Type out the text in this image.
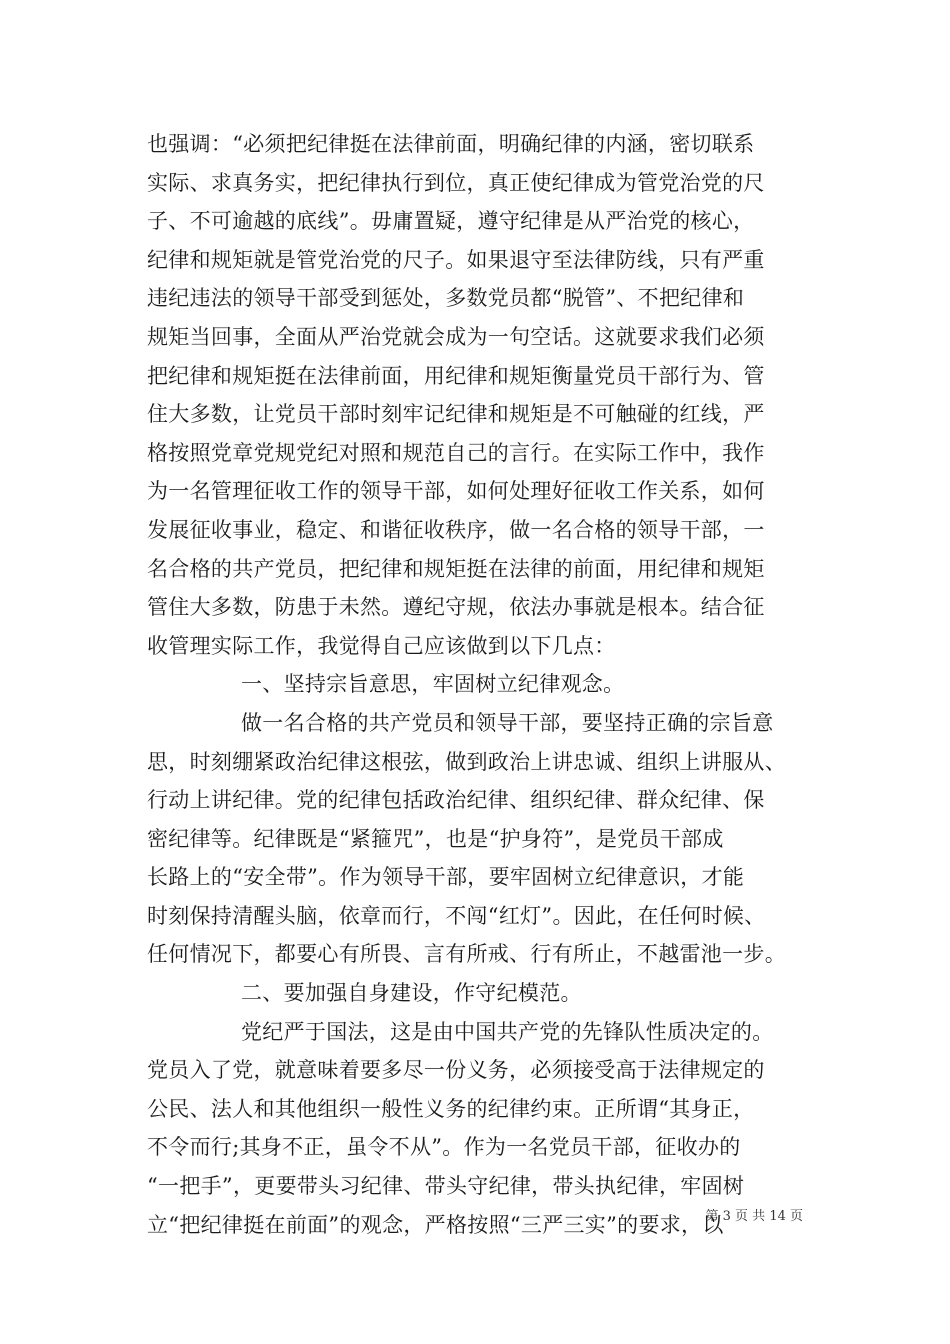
也强调：“必须把纪律挺在法律前面，明确纪律的内涵，密切联系
实际、求真务实，把纪律执行到位，真正使纪律成为管党治党的尺
子、不可逾越的底线”。毋庸置疑，遵守纪律是从严治党的核心，
纪律和规矩就是管党治党的尺子。如果退守至法律防线，只有严重
违纪违法的领导干部受到惩处，多数党员都“脱管”、不把纪律和
规矩当回事，全面从严治党就会成为一句空话。这就要求我们必须
把纪律和规矩挺在法律前面，用纪律和规矩衡量党员干部行为、管
住大多数，让党员干部时刻牢记纪律和规矩是不可触碰的红线，严
格按照党章党规党纪对照和规范自己的言行。在实际工作中，我作
为一名管理征收工作的领导干部，如何处理好征收工作关系，如何
发展征收事业，稳定、和谐征收秩序，做一名合格的领导干部，一
名合格的共产党员，把纪律和规矩挺在法律的前面，用纪律和规矩
管住大多数，防患于未然。遵纪守规，依法办事就是根本。结合征
收管理实际工作，我觉得自己应该做到以下几点：
一、坚持宗旨意思，牢固树立纪律观念。
做一名合格的共产党员和领导干部，要坚持正确的宗旨意
思，时刻绷紧政治纪律这根弦，做到政治上讲忠诚、组织上讲服从、
行动上讲纪律。党的纪律包括政治纪律、组织纪律、群众纪律、保
密纪律等。纪律既是“紧箍咒”，也是“护身符”，是党员干部成
长路上的“安全带”。作为领导干部，要牢固树立纪律意识，才能
时刻保持清醒头脑，依章而行，不闯“红灯”。因此，在任何时候、
任何情况下，都要心有所畏、言有所戒、行有所止，不越雷池一步。
二、要加强自身建设，作守纪模范。
党纪严于国法，这是由中国共产党的先锋队性质决定的。
党员入了党，就意味着要多尽一份义务，必须接受高于法律规定的
公民、法人和其他组织一般性义务的纪律约束。正所谓“其身正，
不令而行;其身不正，虽令不从”。作为一名党员干部，征收办的
“一把手”，更要带头习纪律、带头守纪律，带头执纪律，牢固树
立“把纪律挺在前面”的观念，严格按照“三严三实”的要求，以
第 3 页 共 14 页
